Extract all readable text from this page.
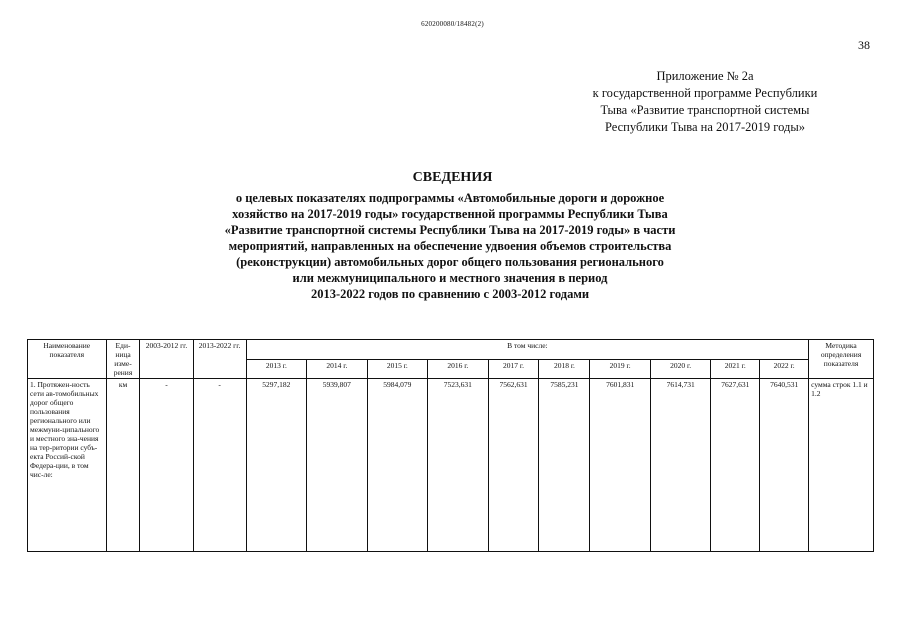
620200080/18482(2)
38
Приложение № 2а
к государственной программе Республики
Тыва «Развитие транспортной системы
Республики Тыва на 2017-2019 годы»
СВЕДЕНИЯ
о целевых показателях подпрограммы «Автомобильные дороги и дорожное
хозяйство на 2017-2019 годы» государственной программы Республики Тыва
«Развитие транспортной системы Республики Тыва на 2017-2019 годы» в части
мероприятий, направленных на обеспечение удвоения объемов строительства
(реконструкции) автомобильных дорог общего пользования регионального
или межмуниципального и местного значения в период
2013-2022 годов по сравнению с 2003-2012 годами
Наименование показателя	Еди-ница изме-рения	2003-2012 гг.	2013-2022 гг.	В том числе:										Методика определения показателя
				2013 г.	2014 г.	2015 г.	2016 г.	2017 г.	2018 г.	2019 г.	2020 г.	2021 г.	2022 г.	
1. Протяжен-ность сети ав-томобильных дорог общего пользования регионального или межмуни-ципального и местного зна-чения на тер-ритории субъ-екта Россий-ской Федера-ции, в том чис-ле:	км	-	-	5297,182	5939,807	5984,079	7523,631	7562,631	7585,231	7601,831	7614,731	7627,631	7640,531	сумма строк 1.1 и 1.2
